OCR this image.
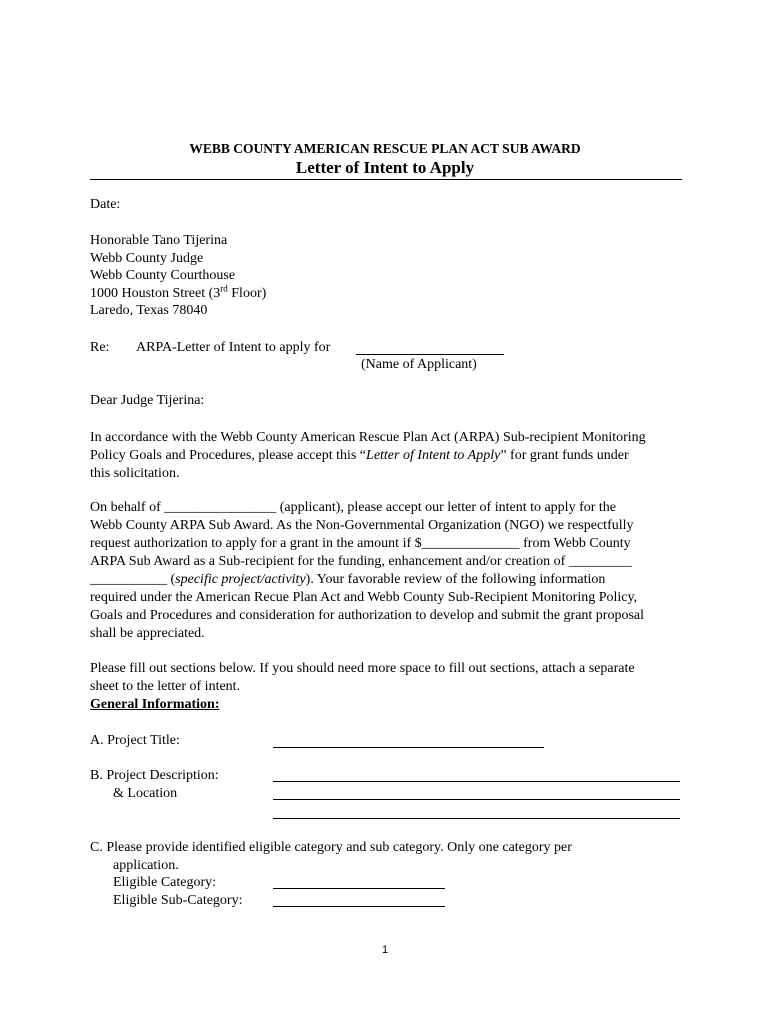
WEBB COUNTY AMERICAN RESCUE PLAN ACT SUB AWARD
Letter of Intent to Apply
Date:
Honorable Tano Tijerina
Webb County Judge
Webb County Courthouse
1000 Houston Street (3rd Floor)
Laredo, Texas 78040
Re: ARPA-Letter of Intent to apply for
(Name of Applicant)
Dear Judge Tijerina:
In accordance with the Webb County American Rescue Plan Act (ARPA) Sub-recipient Monitoring
Policy Goals and Procedures, please accept this “Letter of Intent to Apply” for grant funds under
this solicitation.
On behalf of ________________ (applicant), please accept our letter of intent to apply for the
Webb County ARPA Sub Award. As the Non-Governmental Organization (NGO) we respectfully
request authorization to apply for a grant in the amount if $______________ from Webb County
ARPA Sub Award as a Sub-recipient for the funding, enhancement and/or creation of _________
___________ (specific project/activity). Your favorable review of the following information
required under the American Recue Plan Act and Webb County Sub-Recipient Monitoring Policy,
Goals and Procedures and consideration for authorization to develop and submit the grant proposal
shall be appreciated.
Please fill out sections below. If you should need more space to fill out sections, attach a separate
sheet to the letter of intent.
General Information:
A. Project Title:
B. Project Description:
& Location
C. Please provide identified eligible category and sub category. Only one category per
application.
Eligible Category:
Eligible Sub-Category:
1
